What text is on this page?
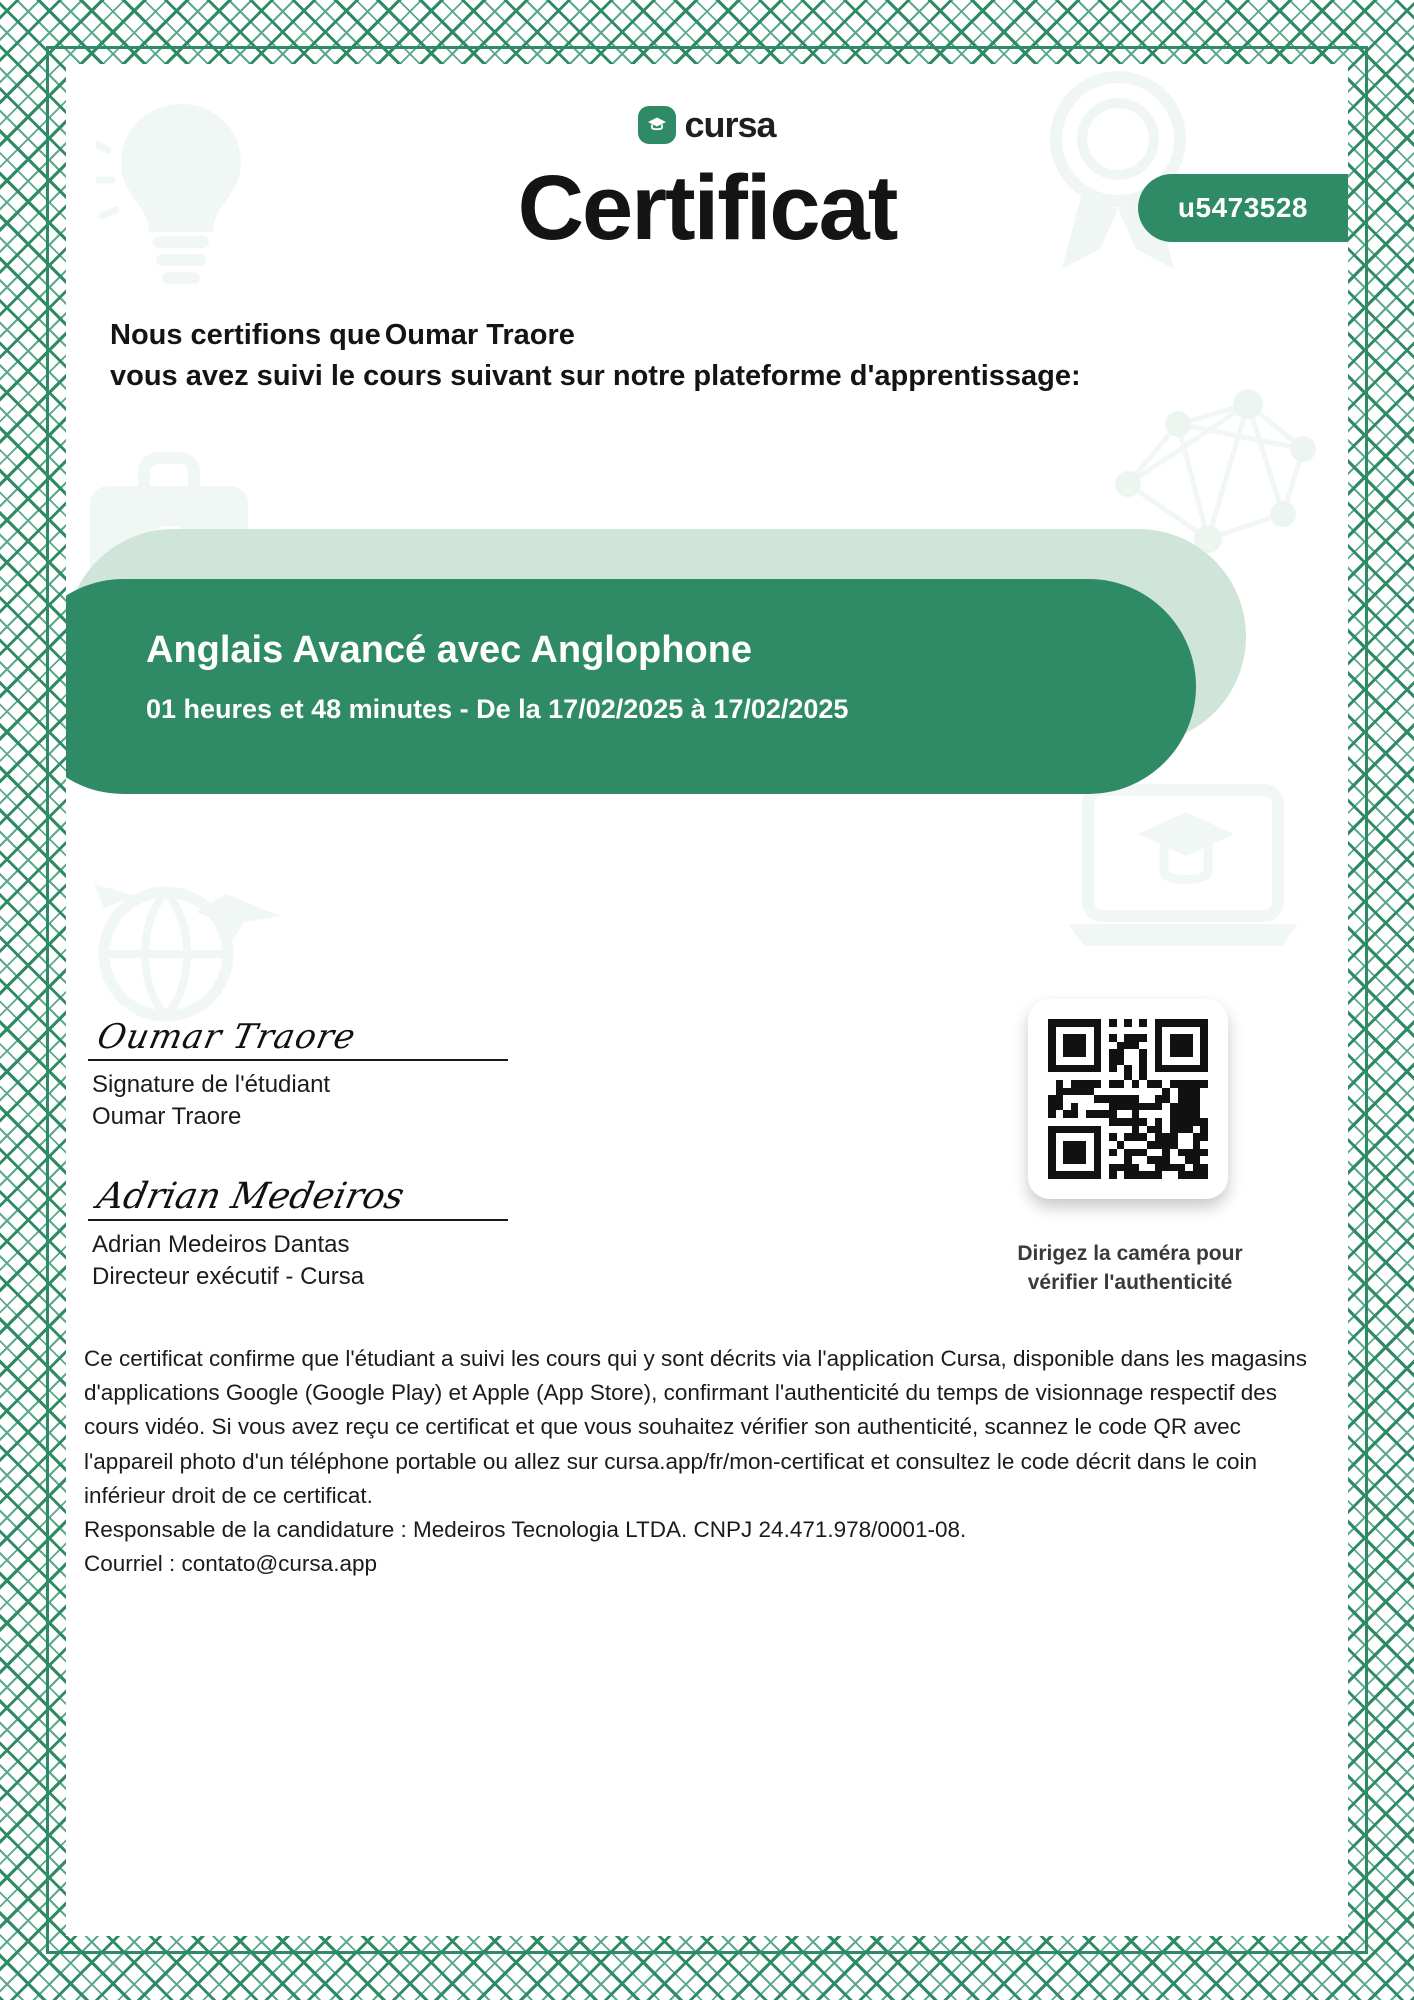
cursa
Certificat	u5473528
Nous certifions que Oumar Traore
vous avez suivi le cours suivant sur notre plateforme d'apprentissage:
Anglais Avancé avec Anglophone
01 heures et 48 minutes - De la 17/02/2025 à 17/02/2025
Oumar Traore
Signature de l'étudiant
Oumar Traore
Adrian Medeiros
Adrian Medeiros Dantas
Directeur exécutif - Cursa
Dirigez la caméra pour
vérifier l'authenticité

Ce certificat confirme que l'étudiant a suivi les cours qui y sont décrits via l'application Cursa, disponible dans les magasins d'applications Google (Google Play) et Apple (App Store), confirmant l'authenticité du temps de visionnage respectif des cours vidéo. Si vous avez reçu ce certificat et que vous souhaitez vérifier son authenticité, scannez le code QR avec l'appareil photo d'un téléphone portable ou allez sur cursa.app/fr/mon-certificat et consultez le code décrit dans le coin inférieur droit de ce certificat.

Responsable de la candidature : Medeiros Tecnologia LTDA. CNPJ 24.471.978/0001-08.

Courriel : contato@cursa.app
